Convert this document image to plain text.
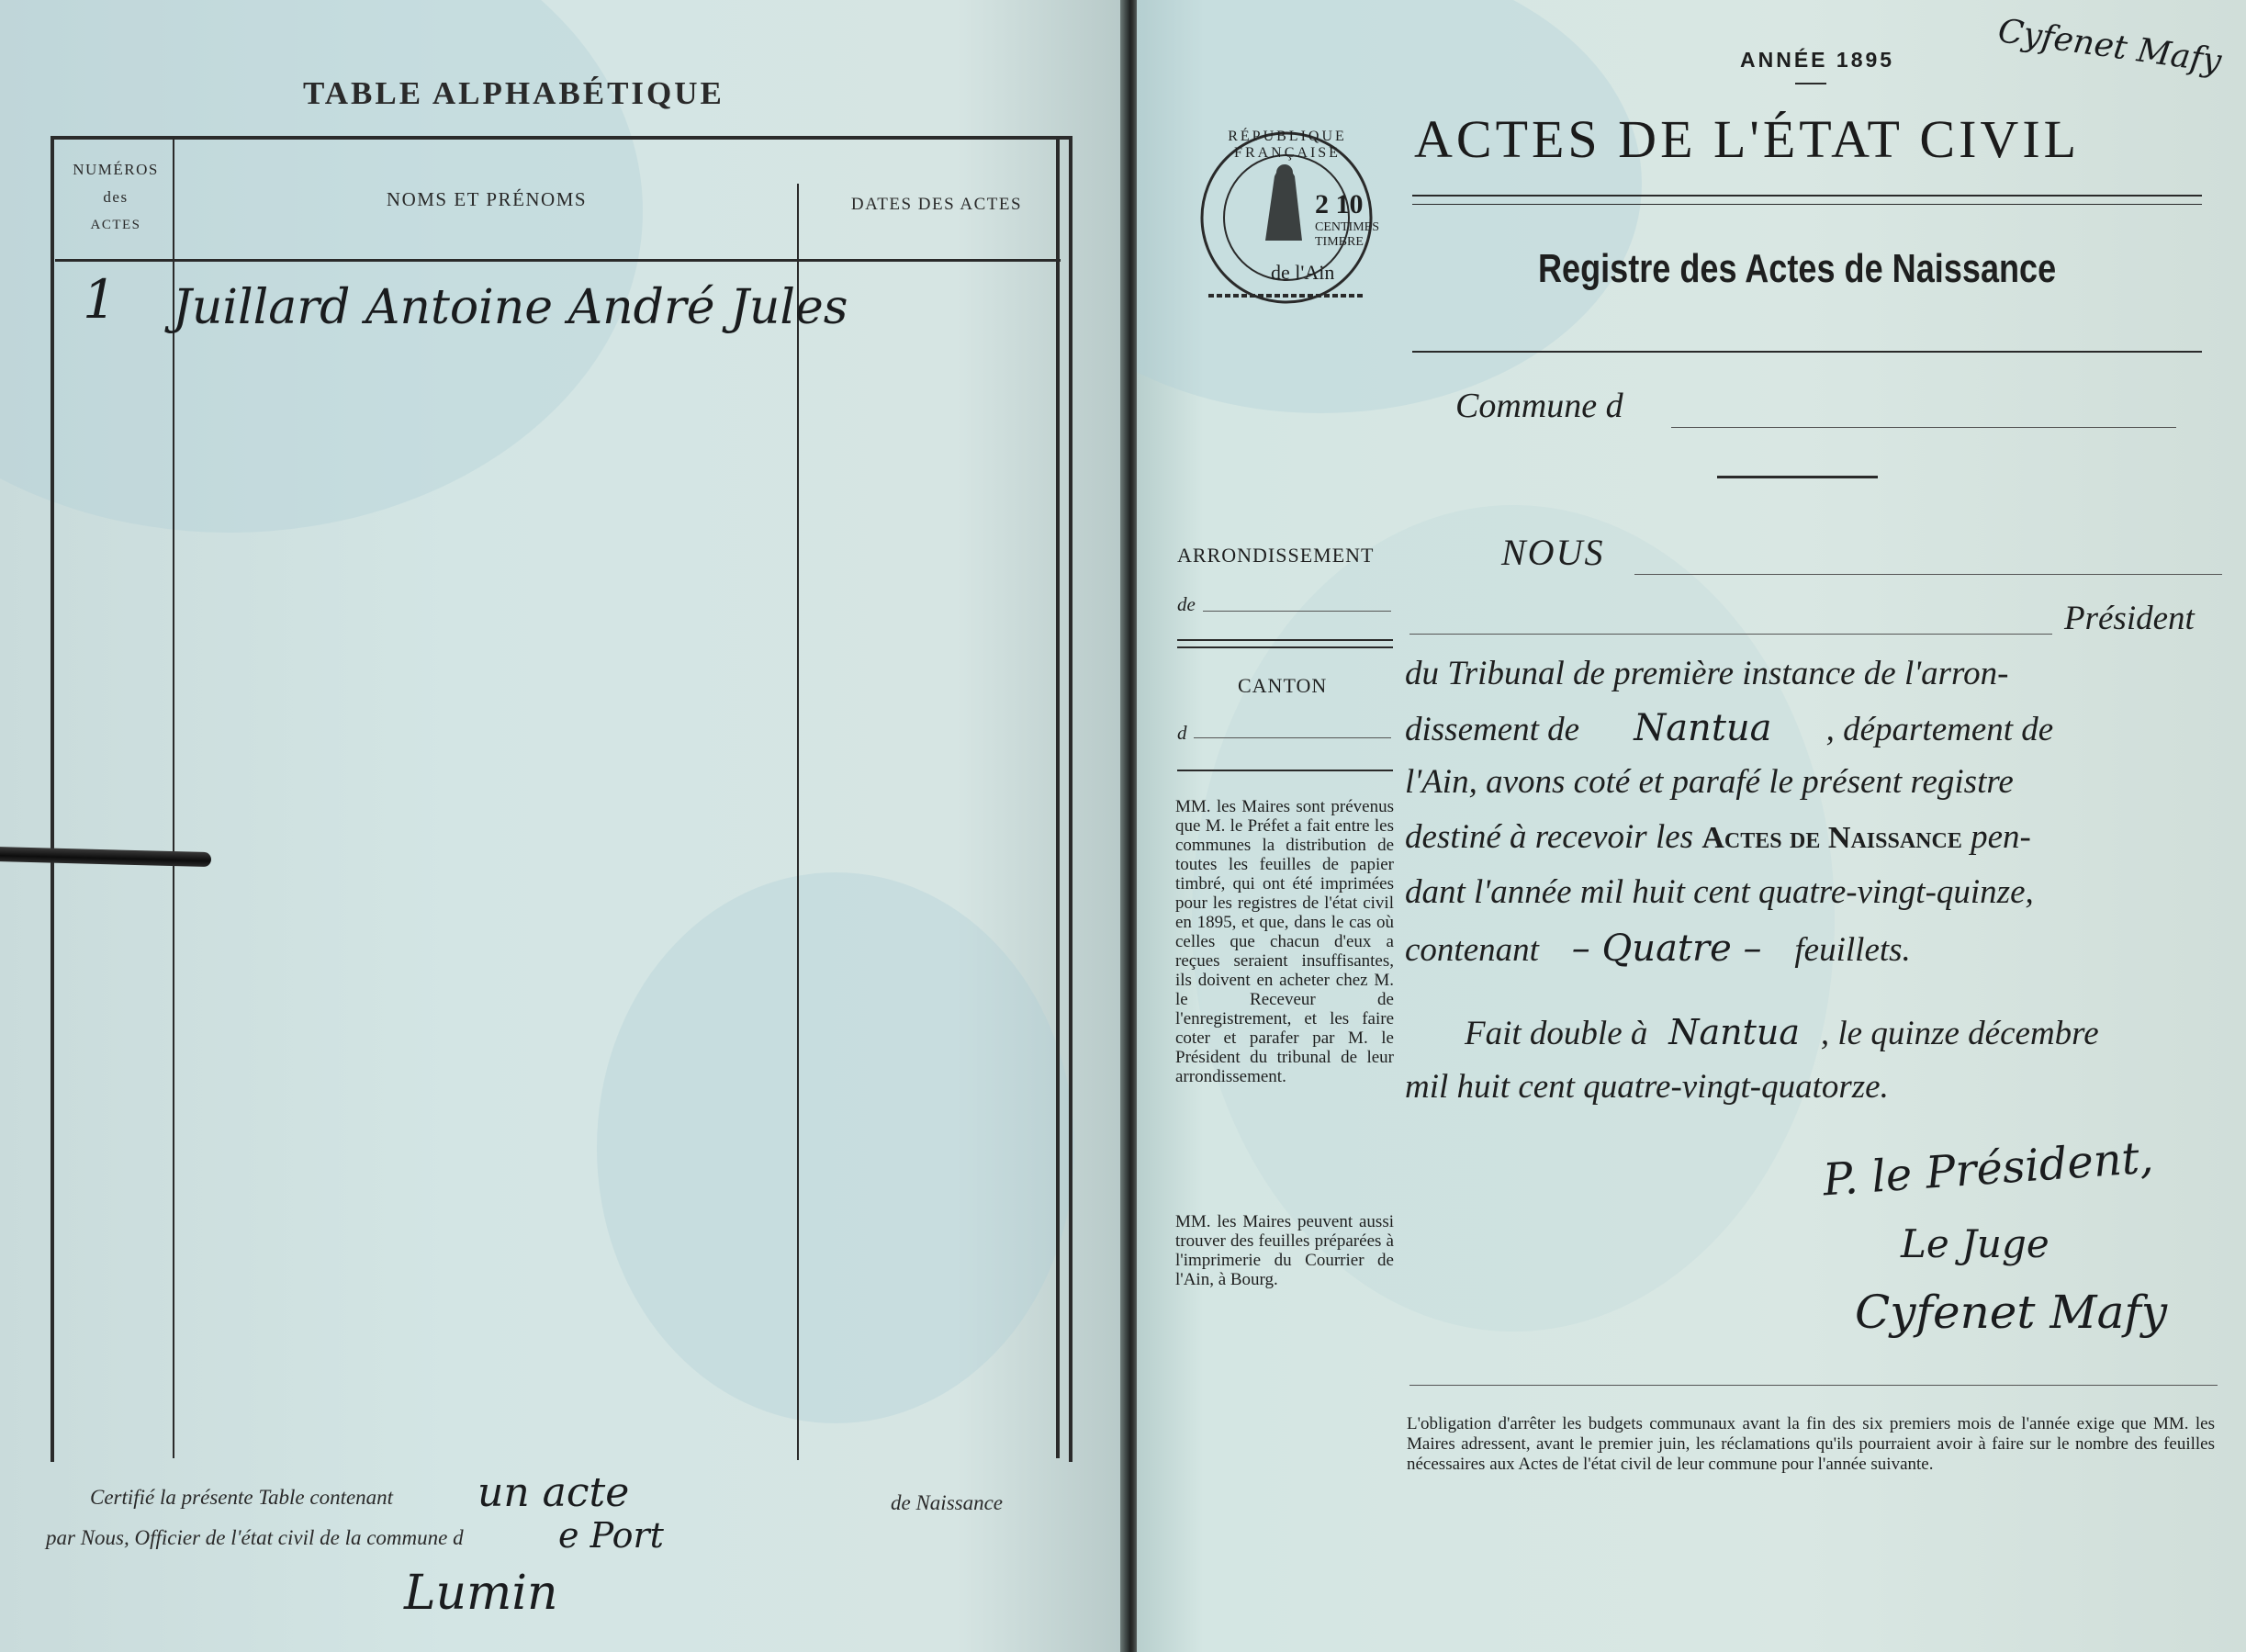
TABLE ALPHABÉTIQUE
NUMÉROS
des
ACTES
NOMS ET PRÉNOMS	DATES DES ACTES
1 Juillard Antoine André Jules
Certifié la présente Table contenant un acte	de Naissance
par Nous, Officier de l'état civil de la commune d	e Port
Lumin
ANNÉE 1895	Cyfenet Mafy
RÉPUBLIQUE FRANÇAISE
2 10
CENTIMES
TIMBRE
de l'Ain
ACTES DE L'ÉTAT CIVIL
Registre des Actes de Naissance
Commune d
ARRONDISSEMENT
de
CANTON
d
MM. les Maires sont prévenus que M. le Préfet a fait entre les communes la distribution de toutes les feuilles de papier timbré, qui ont été imprimées pour les registres de l'état civil en 1895, et que, dans le cas où celles que chacun d'eux a reçues seraient insuffisantes, ils doivent en acheter chez M. le Receveur de l'enregistrement, et les faire coter et parafer par M. le Président du tribunal de leur arrondissement.
MM. les Maires peuvent aussi trouver des feuilles préparées à l'imprimerie du Courrier de l'Ain, à Bourg.
NOUS
Président
du Tribunal de première instance de l'arron-
dissement de Nantua , département de
l'Ain, avons coté et parafé le présent registre
destiné à recevoir les Actes de Naissance pen-
dant l'année mil huit cent quatre-vingt-quinze,
contenant – Quatre – feuillets.
Fait double à Nantua , le quinze décembre
mil huit cent quatre-vingt-quatorze.
P. le Président,
Le Juge
Cyfenet Mafy
L'obligation d'arrêter les budgets communaux avant la fin des six premiers mois de l'année exige que MM. les Maires adressent, avant le premier juin, les réclamations qu'ils pourraient avoir à faire sur le nombre des feuilles nécessaires aux Actes de l'état civil de leur commune pour l'année suivante.
